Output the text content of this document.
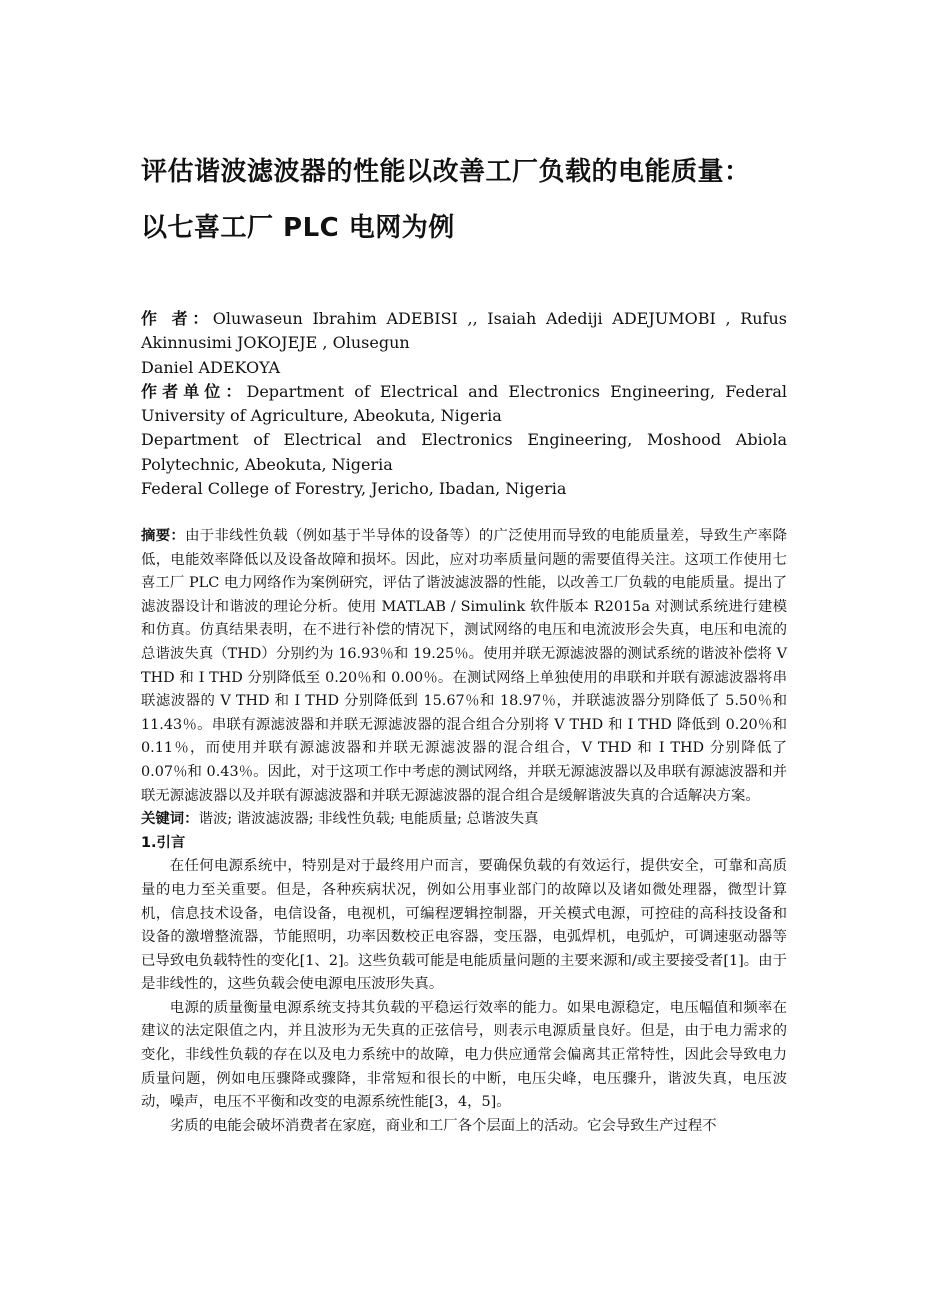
评估谐波滤波器的性能以改善工厂负载的电能质量：
以七喜工厂 PLC 电网为例

作 者：Oluwaseun Ibrahim ADEBISI ,, Isaiah Adediji ADEJUMOBI , Rufus Akinnusimi JOKOJEJE , Olusegun

Daniel ADEKOYA

作者单位：Department of Electrical and Electronics Engineering, Federal University of Agriculture, Abeokuta, Nigeria

Department of Electrical and Electronics Engineering, Moshood Abiola Polytechnic, Abeokuta, Nigeria

Federal College of Forestry, Jericho, Ibadan, Nigeria

摘要：由于非线性负载（例如基于半导体的设备等）的广泛使用而导致的电能质量差，导致生产率降低，电能效率降低以及设备故障和损坏。因此，应对功率质量问题的需要值得关注。这项工作使用七喜工厂 PLC 电力网络作为案例研究，评估了谐波滤波器的性能，以改善工厂负载的电能质量。提出了滤波器设计和谐波的理论分析。使用 MATLAB / Simulink 软件版本 R2015a 对测试系统进行建模和仿真。仿真结果表明，在不进行补偿的情况下，测试网络的电压和电流波形会失真，电压和电流的总谐波失真（THD）分别约为 16.93％和 19.25％。使用并联无源滤波器的测试系统的谐波补偿将 V THD 和 I THD 分别降低至 0.20％和 0.00％。在测试网络上单独使用的串联和并联有源滤波器将串联滤波器的 V THD 和 I THD 分别降低到 15.67％和 18.97％，并联滤波器分别降低了 5.50％和 11.43％。串联有源滤波器和并联无源滤波器的混合组合分别将 V THD 和 I THD 降低到 0.20％和 0.11％，而使用并联有源滤波器和并联无源滤波器的混合组合，V THD 和 I THD 分别降低了 0.07％和 0.43％。因此，对于这项工作中考虑的测试网络，并联无源滤波器以及串联有源滤波器和并联无源滤波器以及并联有源滤波器和并联无源滤波器的混合组合是缓解谐波失真的合适解决方案。

关键词：谐波; 谐波滤波器; 非线性负载; 电能质量; 总谐波失真

1.引言

在任何电源系统中，特别是对于最终用户而言，要确保负载的有效运行，提供安全，可靠和高质量的电力至关重要。但是，各种疾病状况，例如公用事业部门的故障以及诸如微处理器，微型计算机，信息技术设备，电信设备，电视机，可编程逻辑控制器，开关模式电源，可控硅的高科技设备和设备的激增整流器，节能照明，功率因数校正电容器，变压器，电弧焊机，电弧炉，可调速驱动器等已导致电负载特性的变化[1、2]。这些负载可能是电能质量问题的主要来源和/或主要接受者[1]。由于是非线性的，这些负载会使电源电压波形失真。

电源的质量衡量电源系统支持其负载的平稳运行效率的能力。如果电源稳定，电压幅值和频率在建议的法定限值之内，并且波形为无失真的正弦信号，则表示电源质量良好。但是，由于电力需求的变化，非线性负载的存在以及电力系统中的故障，电力供应通常会偏离其正常特性，因此会导致电力质量问题，例如电压骤降或骤降，非常短和很长的中断，电压尖峰，电压骤升，谐波失真，电压波动，噪声，电压不平衡和改变的电源系统性能[3，4，5]。

劣质的电能会破坏消费者在家庭，商业和工厂各个层面上的活动。它会导致生产过程不
